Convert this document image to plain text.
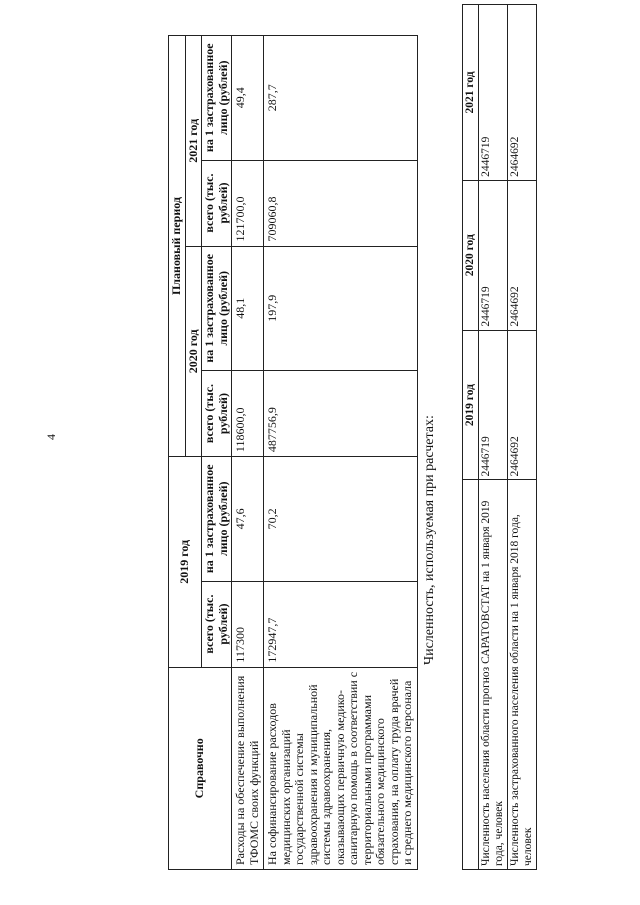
4
Справочно	2019 год		Плановый период			
			2020 год		2021 год	
	всего (тыс. рублей)	на 1 застрахованное лицо (рублей)	всего (тыс. рублей)	на 1 застрахованное лицо (рублей)	всего (тыс. рублей)	на 1 застрахованное лицо (рублей)
Расходы на обеспечение выполнения ТФОМС своих функций	117300	47,6	118600,0	48,1	121700,0	49,4
На софинансирование расходов медицинских организаций государственной системы здравоохранения и муниципальной системы здравоохранения, оказывающих первичную медико-санитарную помощь в соответствии с территориальными программами обязательного медицинского страхования, на оплату труда врачей и среднего медицинского персонала	172947,7	70,2	487756,9	197,9	709060,8	287,7
Численность, используемая при расчетах:
	2019 год	2020 год	2021 год
Численность населения области прогноз САРАТОВСТАТ на 1 января 2019 года, человек	2446719	2446719	2446719
Численность застрахованного населения области на 1 января 2018 года, человек	2464692	2464692	2464692
